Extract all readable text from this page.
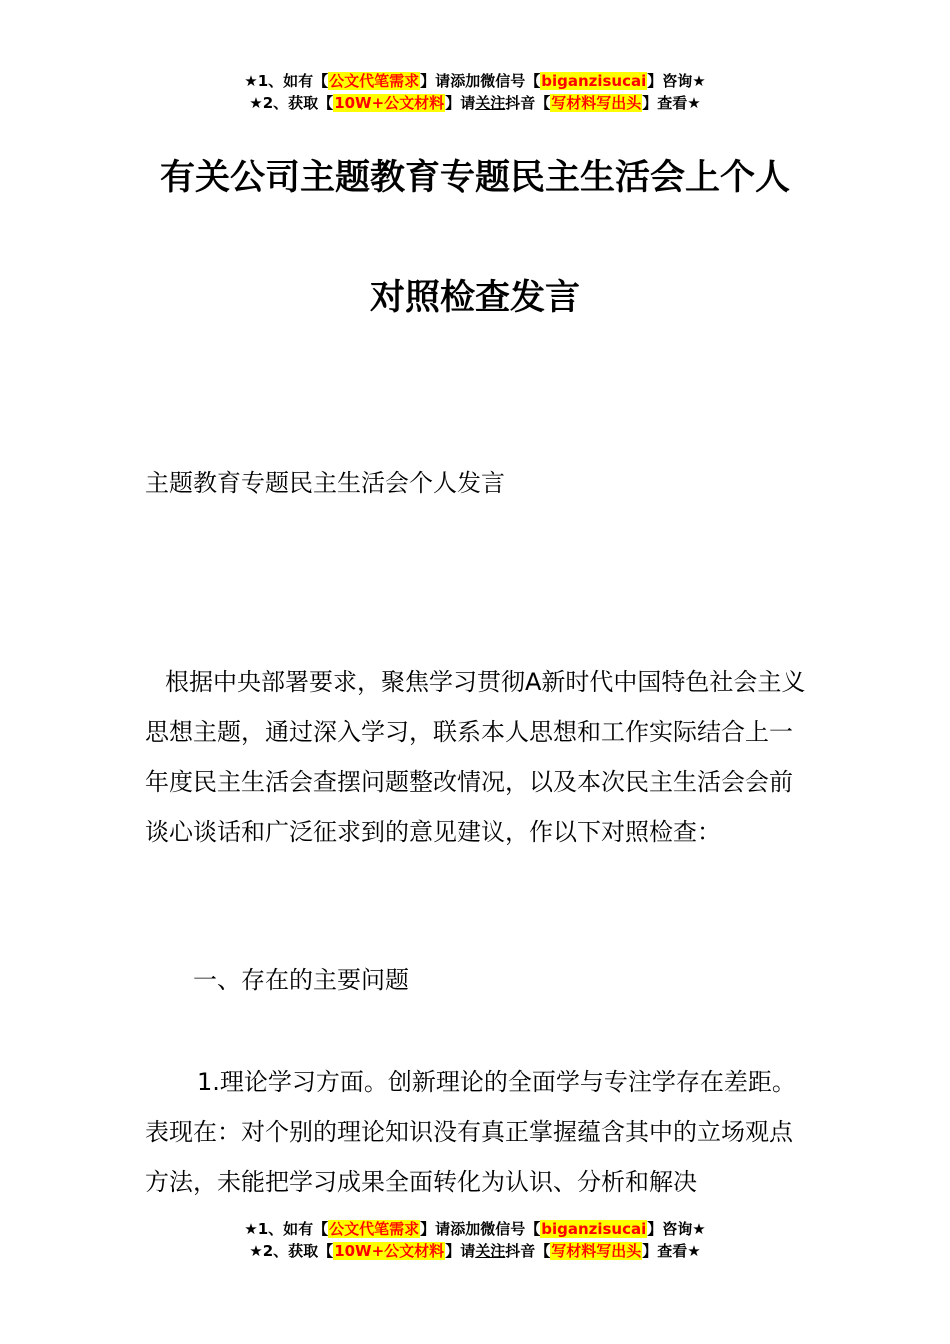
★1、如有【公文代笔需求】请添加微信号【biganzisucai】咨询★
★2、获取【10W+公文材料】请关注抖音【写材料写出头】查看★
有关公司主题教育专题民主生活会上个人
对照检查发言
主题教育专题民主生活会个人发言
根据中央部署要求，聚焦学习贯彻A新时代中国特色社会主义思想主题，通过深入学习，联系本人思想和工作实际结合上一年度民主生活会查摆问题整改情况，以及本次民主生活会会前谈心谈话和广泛征求到的意见建议，作以下对照检查：
一、存在的主要问题
1.理论学习方面。创新理论的全面学与专注学存在差距。表现在：对个别的理论知识没有真正掌握蕴含其中的立场观点方法，未能把学习成果全面转化为认识、分析和解决
★1、如有【公文代笔需求】请添加微信号【biganzisucai】咨询★
★2、获取【10W+公文材料】请关注抖音【写材料写出头】查看★
